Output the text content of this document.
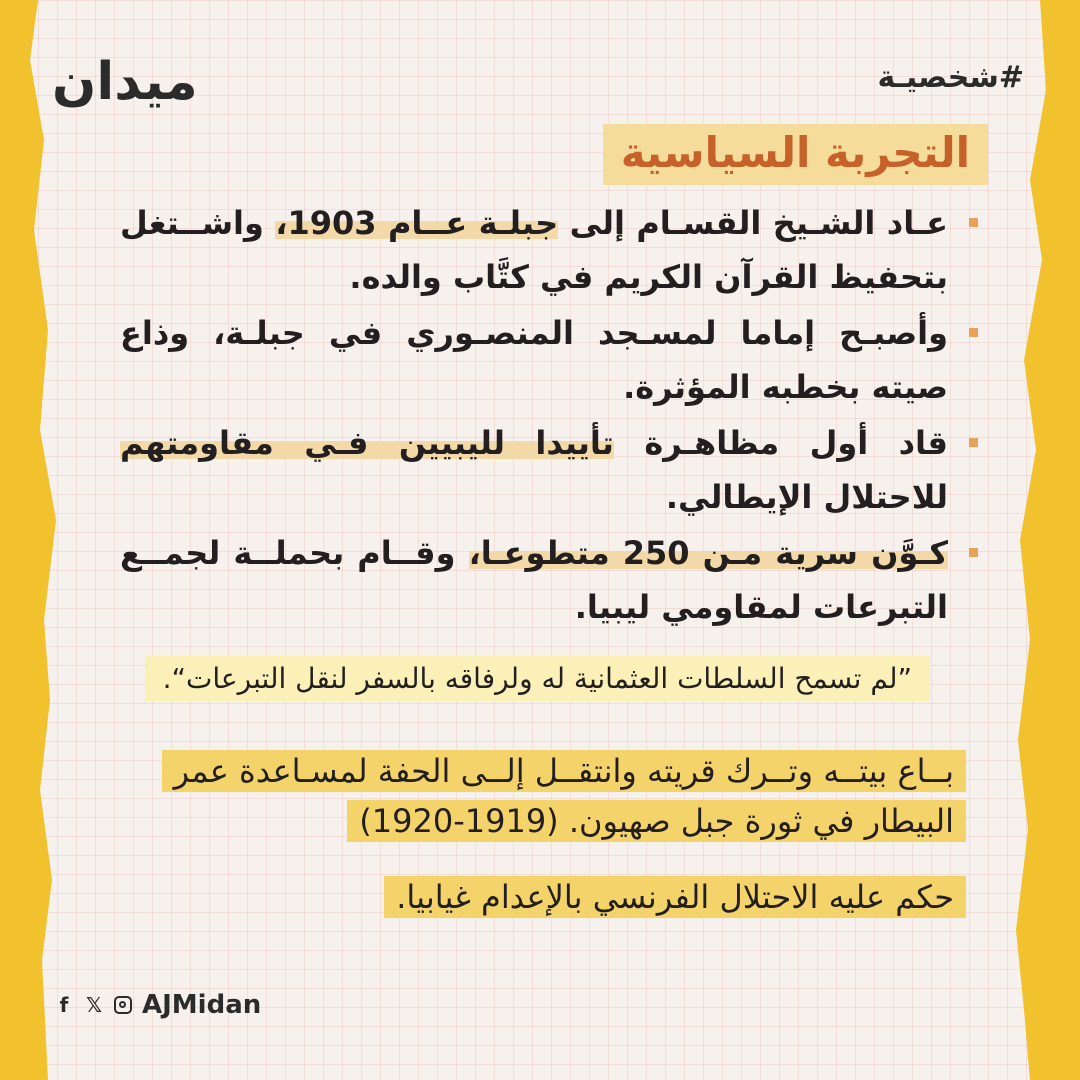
ميدان	#شخصيـة
التجربة السياسية
عـاد الشـيخ القسـام إلى جبلـة عــام 1903، واشــتغل بتحفيظ القرآن الكريم في كتَّاب والده.
وأصبـح إماما لمسـجد المنصـوري في جبلـة، وذاع صيته بخطبه المؤثرة.
قاد أول مظاهـرة تأييدا لليبيين فـي مقاومتهم للاحتلال الإيطالي.
كـوَّن سرية مـن 250 متطوعـا، وقــام بحملــة لجمــع التبرعات لمقاومي ليبيا.
”لم تسمح السلطات العثمانية له ولرفاقه بالسفر لنقل التبرعات“.
بــاع بيتــه وتــرك قريته وانتقــل إلــى الحفة لمسـاعدة عمر البيطار في ثورة جبل صهيون. (1919-1920)
حكم عليه الاحتلال الفرنسي بالإعدام غيابيا.
f 𝕏 AJMidan
